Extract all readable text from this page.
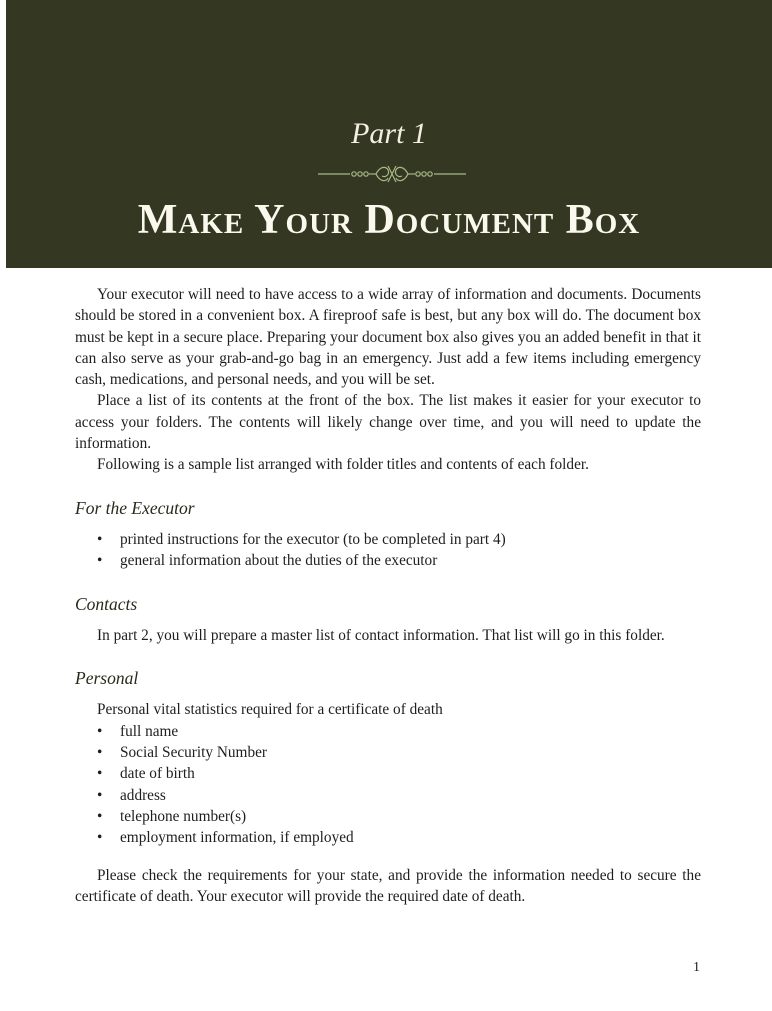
Part 1
Make Your Document Box

Your executor will need to have access to a wide array of information and documents. Documents should be stored in a convenient box. A fireproof safe is best, but any box will do. The document box must be kept in a secure place. Preparing your document box also gives you an added benefit in that it can also serve as your grab-and-go bag in an emergency. Just add a few items including emergency cash, medications, and personal needs, and you will be set.

Place a list of its contents at the front of the box. The list makes it easier for your executor to access your folders. The contents will likely change over time, and you will need to update the information.

Following is a sample list arranged with folder titles and contents of each folder.

For the Executor
• printed instructions for the executor (to be completed in part 4)
• general information about the duties of the executor
Contacts

In part 2, you will prepare a master list of contact information. That list will go in this folder.

Personal

Personal vital statistics required for a certificate of death

• full name
• Social Security Number
• date of birth
• address
• telephone number(s)
• employment information, if employed

Please check the requirements for your state, and provide the information needed to secure the certificate of death. Your executor will provide the required date of death.

1
